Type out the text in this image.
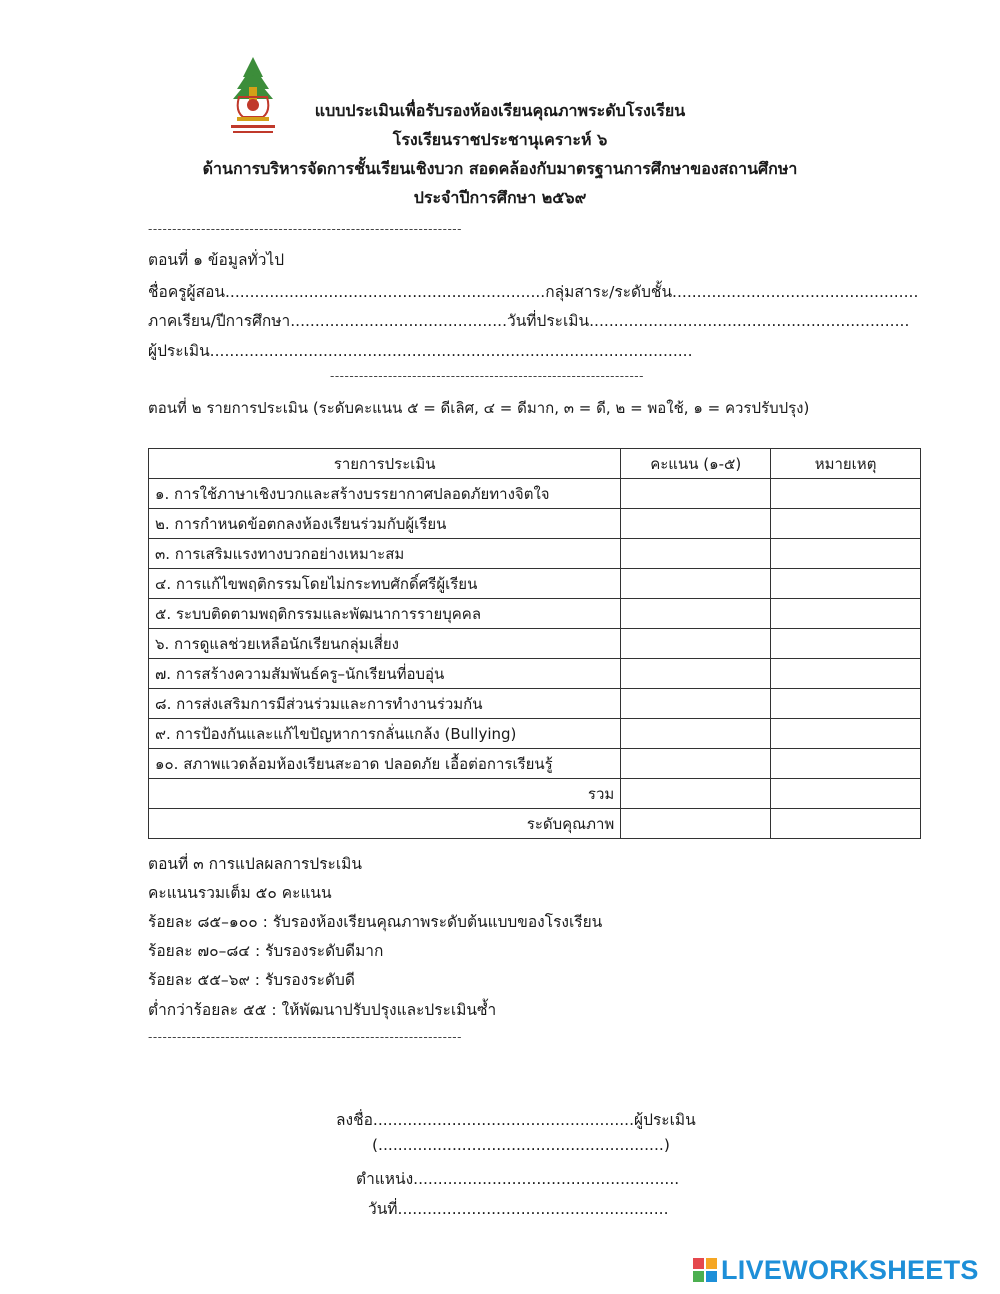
แบบประเมินเพื่อรับรองห้องเรียนคุณภาพระดับโรงเรียน
โรงเรียนราชประชานุเคราะห์ ๖
ด้านการบริหารจัดการชั้นเรียนเชิงบวก สอดคล้องกับมาตรฐานการศึกษาของสถานศึกษา
ประจำปีการศึกษา ๒๕๖๙
-----------------------------------------------------------------
ตอนที่ ๑ ข้อมูลทั่วไป
ชื่อครูผู้สอน.................................................................กลุ่มสาระ/ระดับชั้น..................................................
ภาคเรียน/ปีการศึกษา............................................วันที่ประเมิน.................................................................
ผู้ประเมิน..................................................................................................
-----------------------------------------------------------------
ตอนที่ ๒ รายการประเมิน (ระดับคะแนน ๕ = ดีเลิศ, ๔ = ดีมาก, ๓ = ดี, ๒ = พอใช้, ๑ = ควรปรับปรุง)
รายการประเมิน	คะแนน (๑-๕)	หมายเหตุ
๑. การใช้ภาษาเชิงบวกและสร้างบรรยากาศปลอดภัยทางจิตใจ		
๒. การกำหนดข้อตกลงห้องเรียนร่วมกับผู้เรียน		
๓. การเสริมแรงทางบวกอย่างเหมาะสม		
๔. การแก้ไขพฤติกรรมโดยไม่กระทบศักดิ์ศรีผู้เรียน		
๕. ระบบติดตามพฤติกรรมและพัฒนาการรายบุคคล		
๖. การดูแลช่วยเหลือนักเรียนกลุ่มเสี่ยง		
๗. การสร้างความสัมพันธ์ครู–นักเรียนที่อบอุ่น		
๘. การส่งเสริมการมีส่วนร่วมและการทำงานร่วมกัน		
๙. การป้องกันและแก้ไขปัญหาการกลั่นแกล้ง (Bullying)		
๑๐. สภาพแวดล้อมห้องเรียนสะอาด ปลอดภัย เอื้อต่อการเรียนรู้		
รวม		
ระดับคุณภาพ		
ตอนที่ ๓ การแปลผลการประเมิน
คะแนนรวมเต็ม ๕๐ คะแนน
ร้อยละ ๘๕–๑๐๐ : รับรองห้องเรียนคุณภาพระดับต้นแบบของโรงเรียน
ร้อยละ ๗๐–๘๔ : รับรองระดับดีมาก
ร้อยละ ๕๕–๖๙ : รับรองระดับดี
ต่ำกว่าร้อยละ ๕๕ : ให้พัฒนาปรับปรุงและประเมินซ้ำ
-----------------------------------------------------------------
ลงชื่อ.....................................................ผู้ประเมิน
(..........................................................)
ตำแหน่ง......................................................
วันที่.......................................................
LIVEWORKSHEETS
